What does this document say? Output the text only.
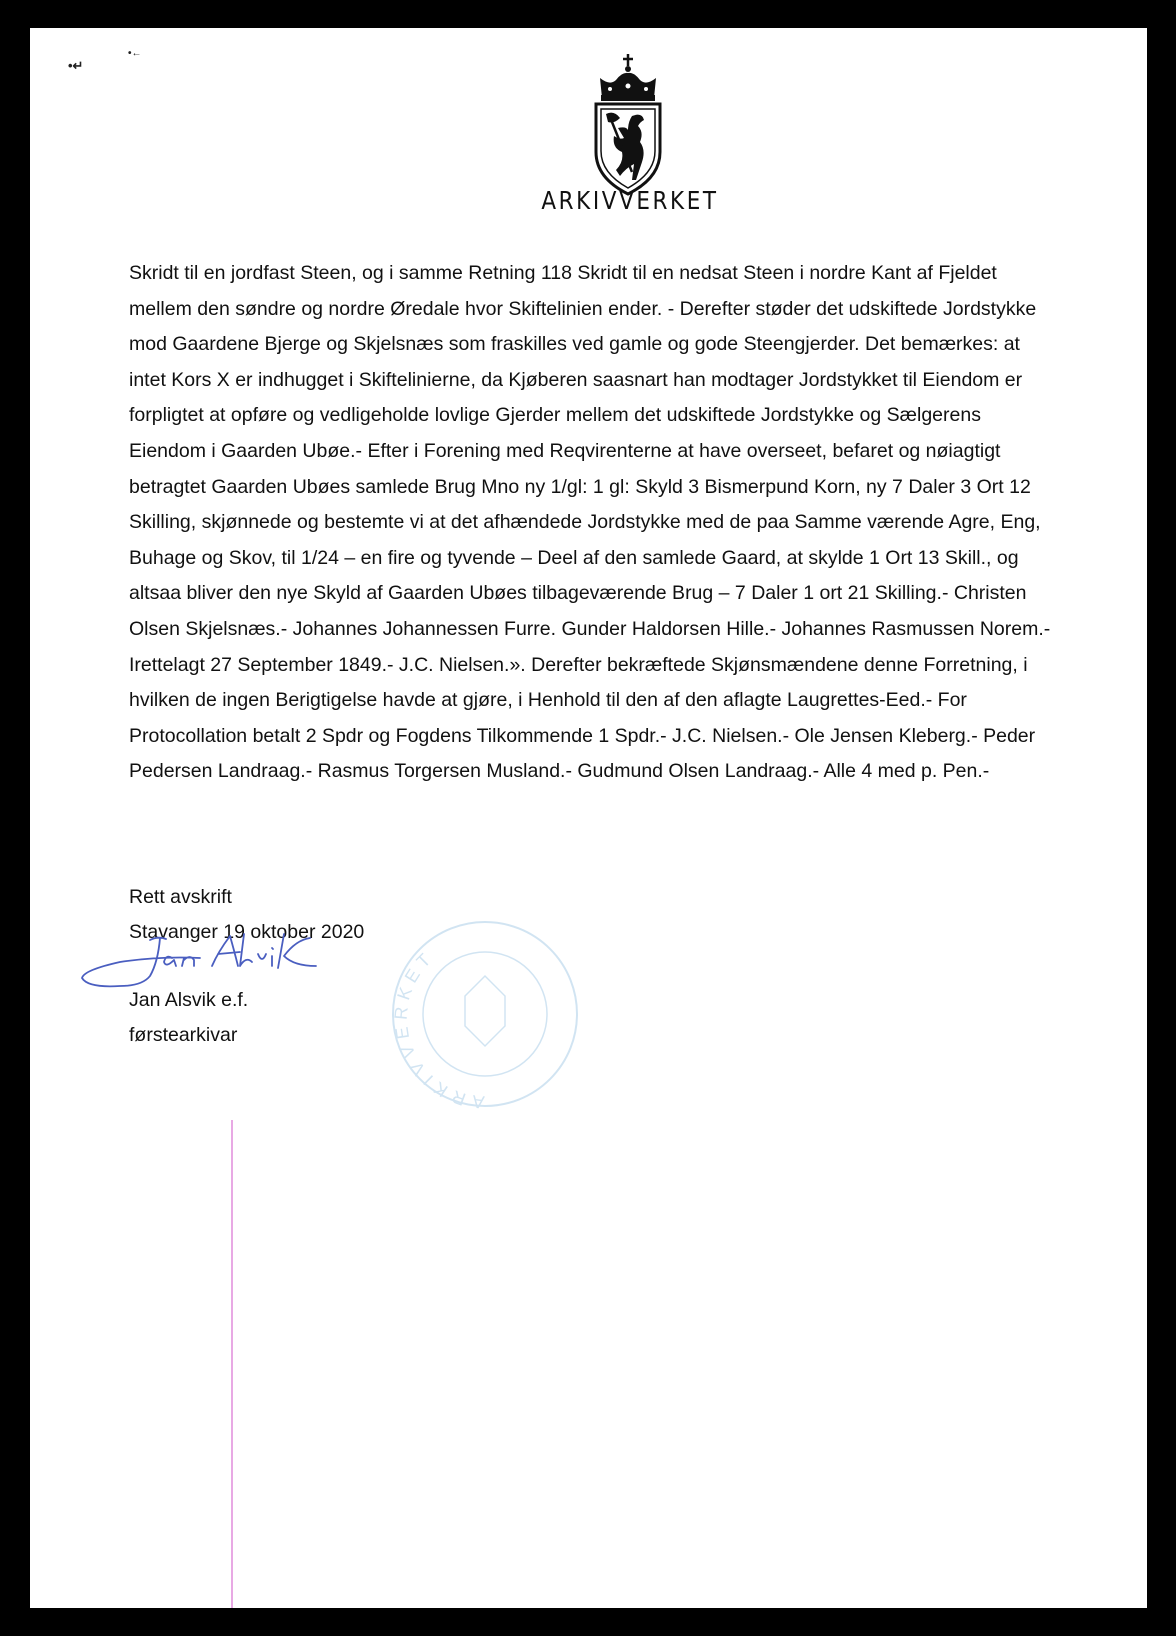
•↵
•←
ARKIVVERKET
Skridt til en jordfast Steen, og i samme Retning 118 Skridt til en nedsat Steen i nordre Kant af Fjeldet
mellem den søndre og nordre Øredale hvor Skiftelinien ender. - Derefter støder det udskiftede Jordstykke
mod Gaardene Bjerge og Skjelsnæs som fraskilles ved gamle og gode Steengjerder. Det bemærkes: at
intet Kors X er indhugget i Skiftelinierne, da Kjøberen saasnart han modtager Jordstykket til Eiendom er
forpligtet at opføre og vedligeholde lovlige Gjerder mellem det udskiftede Jordstykke og Sælgerens
Eiendom i Gaarden Ubøe.- Efter i Forening med Reqvirenterne at have overseet, befaret og nøiagtigt
betragtet Gaarden Ubøes samlede Brug Mno ny 1/gl: 1 gl: Skyld 3 Bismerpund Korn, ny 7 Daler 3 Ort 12
Skilling, skjønnede og bestemte vi at det afhændede Jordstykke med de paa Samme værende Agre, Eng,
Buhage og Skov, til 1/24 – en fire og tyvende – Deel af den samlede Gaard, at skylde 1 Ort 13 Skill., og
altsaa bliver den nye Skyld af Gaarden Ubøes tilbageværende Brug – 7 Daler 1 ort 21 Skilling.- Christen
Olsen Skjelsnæs.- Johannes Johannessen Furre. Gunder Haldorsen Hille.- Johannes Rasmussen Norem.-
Irettelagt 27 September 1849.- J.C. Nielsen.». Derefter bekræftede Skjønsmændene denne Forretning, i
hvilken de ingen Berigtigelse havde at gjøre, i Henhold til den af den aflagte Laugrettes-Eed.- For
Protocollation betalt 2 Spdr og Fogdens Tilkommende 1 Spdr.- J.C. Nielsen.- Ole Jensen Kleberg.- Peder
Pedersen Landraag.- Rasmus Torgersen Musland.- Gudmund Olsen Landraag.- Alle 4 med p. Pen.-
Rett avskrift
Stavanger 19 oktober 2020
Jan Alsvik e.f.
førstearkivar
ARKIVVERKET
